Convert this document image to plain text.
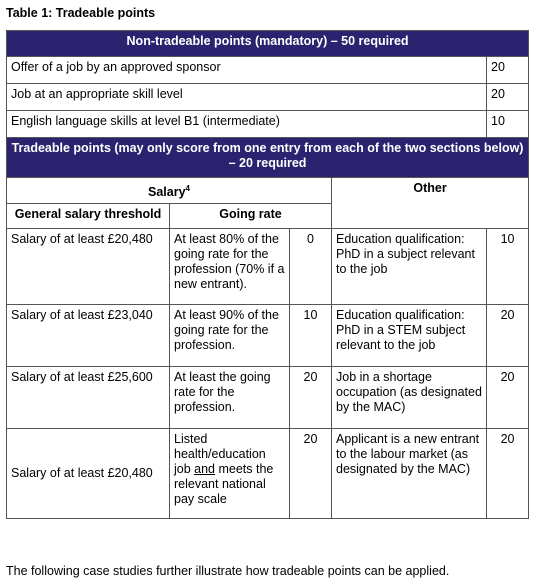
Table 1: Tradeable points
Non-tradeable points (mandatory) – 50 required				
Offer of a job by an approved sponsor				20
Job at an appropriate skill level				20
English language skills at level B1 (intermediate)				10
Tradeable points (may only score from one entry from each of the two sections below) – 20 required				
Salary$^4$			Other	
General salary threshold	Going rate			
Salary of at least £20,480	At least 80% of the going rate for the profession (70% if a new entrant).	0	Education qualification: PhD in a subject relevant to the job	10
Salary of at least £23,040	At least 90% of the going rate for the profession.	10	Education qualification: PhD in a STEM subject relevant to the job	20
Salary of at least £25,600	At least the going rate for the profession.	20	Job in a shortage occupation (as designated by the MAC)	20
Salary of at least £20,480	Listed health/education job and meets the relevant national pay scale	20	Applicant is a new entrant to the labour market (as designated by the MAC)	20
The following case studies further illustrate how tradeable points can be applied.
